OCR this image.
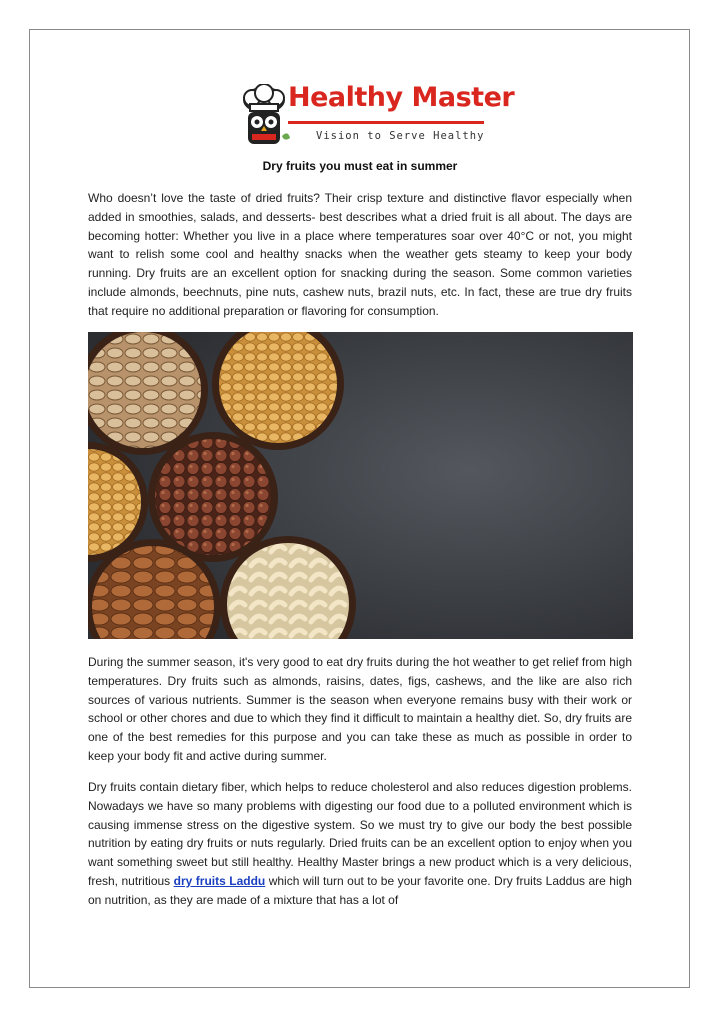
Healthy Master
Vision to Serve Healthy
Dry fruits you must eat in summer

Who doesn’t love the taste of dried fruits? Their crisp texture and distinctive flavor especially when added in smoothies, salads, and desserts- best describes what a dried fruit is all about. The days are becoming hotter: Whether you live in a place where temperatures soar over 40°C or not, you might want to relish some cool and healthy snacks when the weather gets steamy to keep your body running. Dry fruits are an excellent option for snacking during the season. Some common varieties include almonds, beechnuts, pine nuts, cashew nuts, brazil nuts, etc. In fact, these are true dry fruits that require no additional preparation or flavoring for consumption.

During the summer season, it's very good to eat dry fruits during the hot weather to get relief from high temperatures. Dry fruits such as almonds, raisins, dates, figs, cashews, and the like are also rich sources of various nutrients. Summer is the season when everyone remains busy with their work or school or other chores and due to which they find it difficult to maintain a healthy diet. So, dry fruits are one of the best remedies for this purpose and you can take these as much as possible in order to keep your body fit and active during summer.

Dry fruits contain dietary fiber, which helps to reduce cholesterol and also reduces digestion problems. Nowadays we have so many problems with digesting our food due to a polluted environment which is causing immense stress on the digestive system. So we must try to give our body the best possible nutrition by eating dry fruits or nuts regularly. Dried fruits can be an excellent option to enjoy when you want something sweet but still healthy. Healthy Master brings a new product which is a very delicious, fresh, nutritious dry fruits Laddu which will turn out to be your favorite one. Dry fruits Laddus are high on nutrition, as they are made of a mixture that has a lot of
